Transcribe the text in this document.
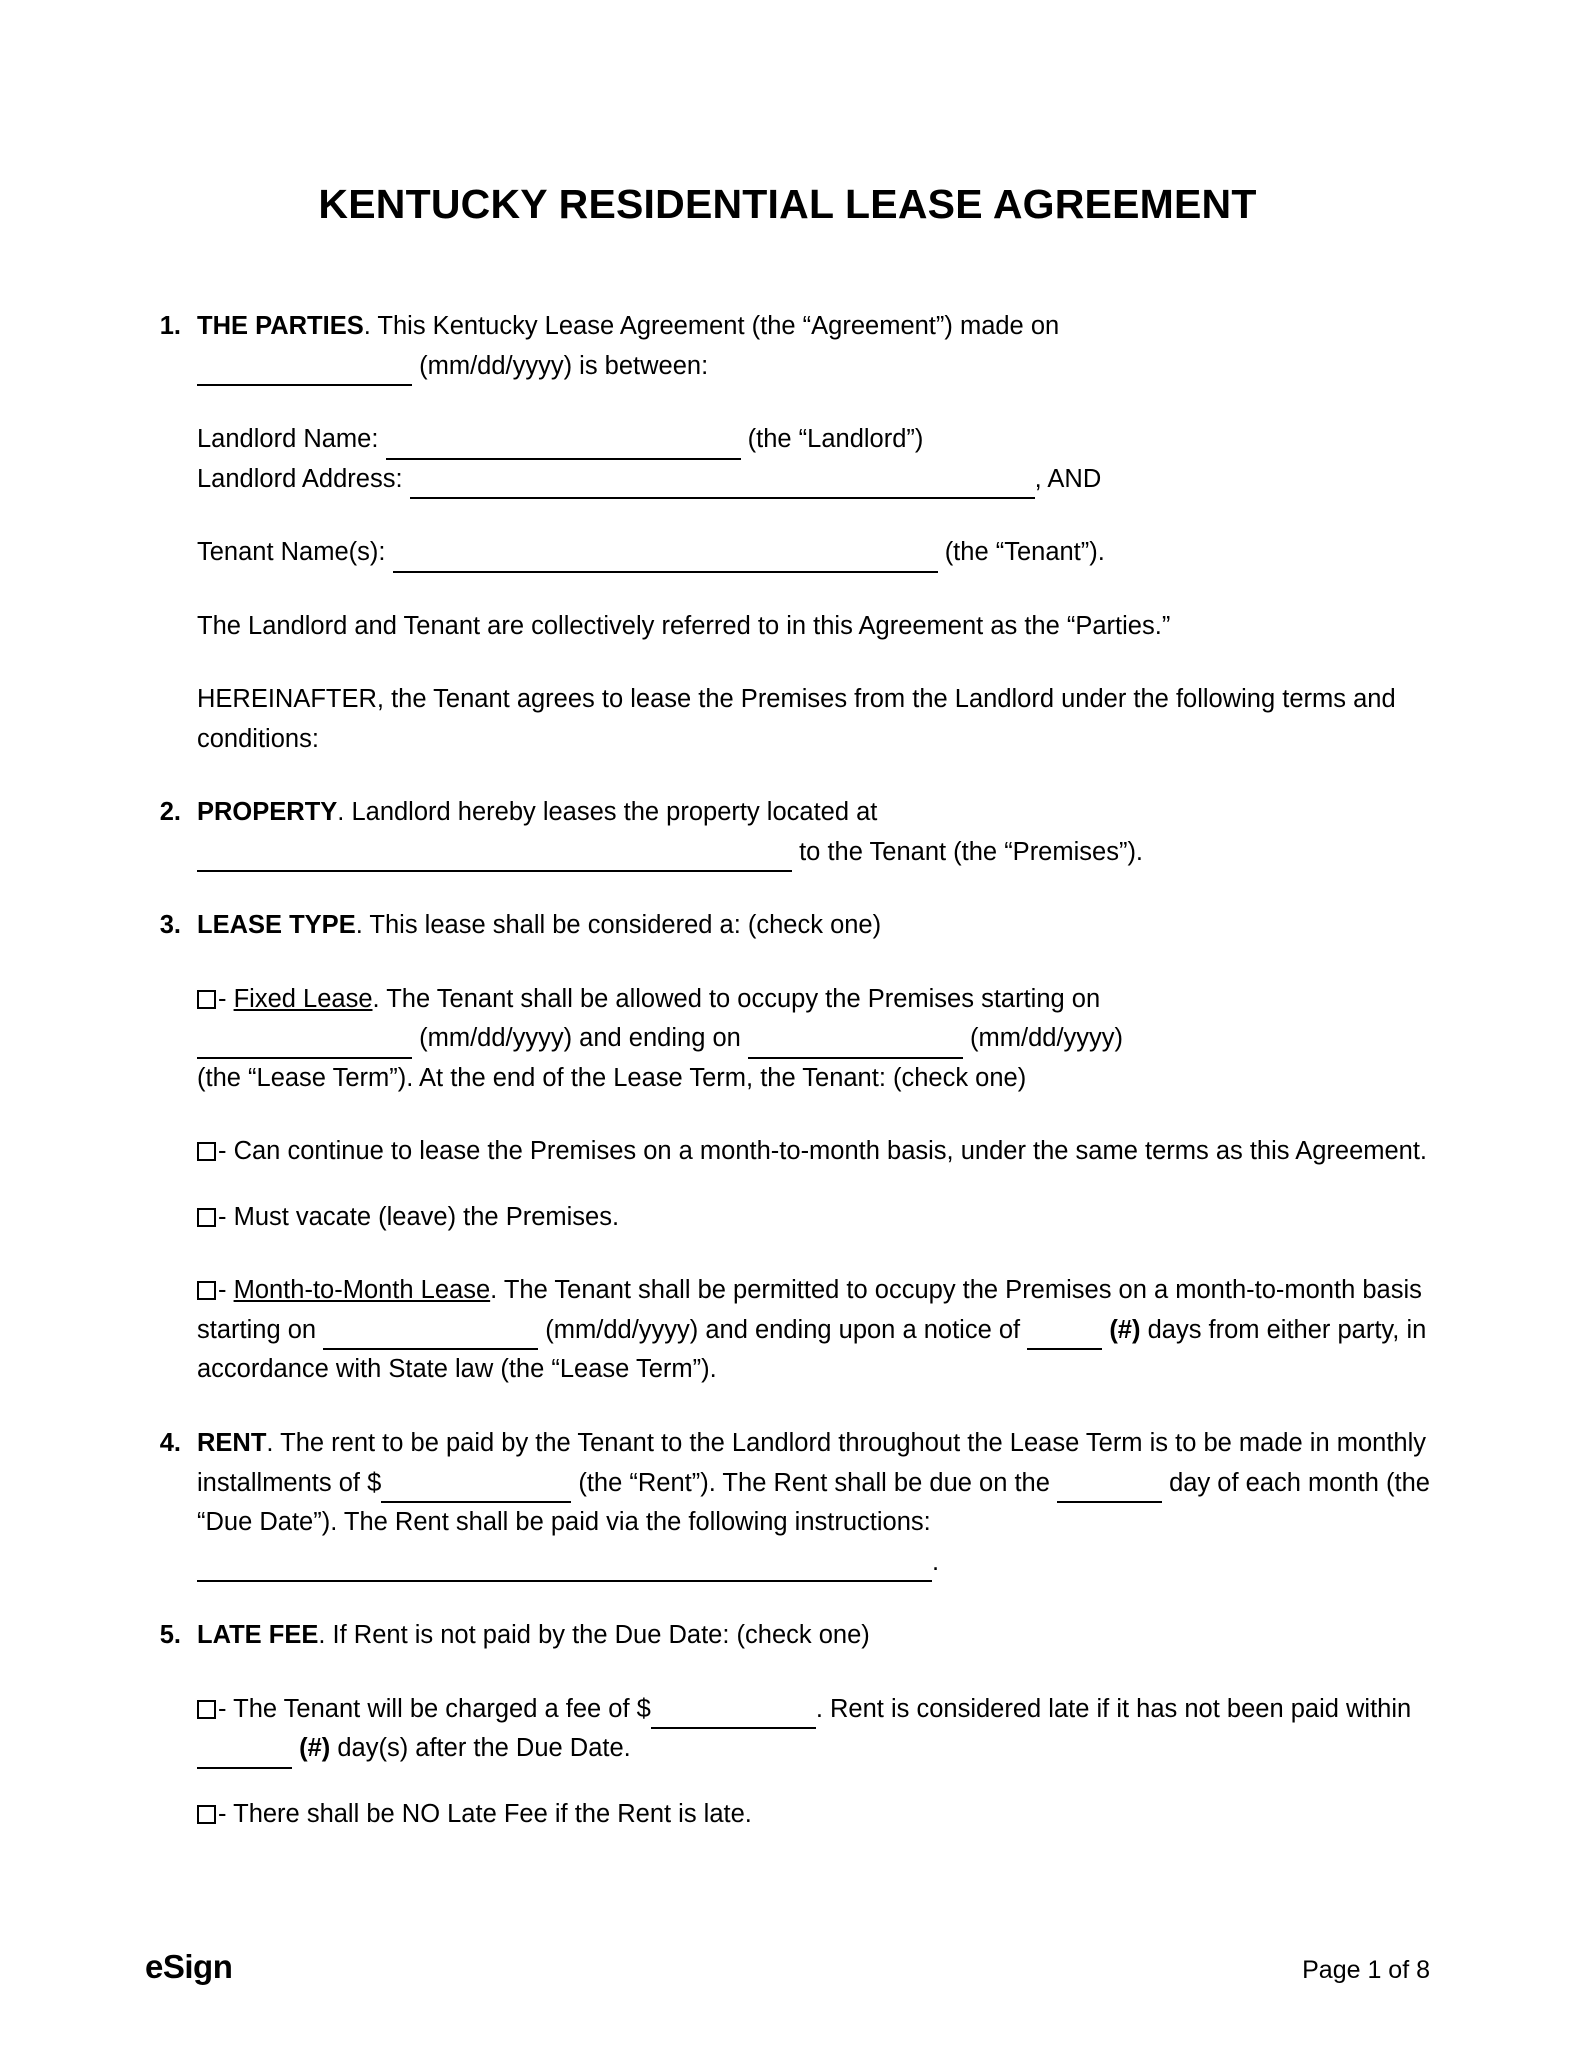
KENTUCKY RESIDENTIAL LEASE AGREEMENT
1. THE PARTIES. This Kentucky Lease Agreement (the “Agreement”) made on
(mm/dd/yyyy) is between:

Landlord Name:	(the “Landlord”)

Landlord Address:	, AND

Tenant Name(s):	(the “Tenant”).

The Landlord and Tenant are collectively referred to in this Agreement as the “Parties.”

HEREINAFTER, the Tenant agrees to lease the Premises from the Landlord under the following terms and conditions:

2. PROPERTY. Landlord hereby leases the property located at
to the Tenant (the “Premises”).

3. LEASE TYPE. This lease shall be considered a: (check one)

- Fixed Lease. The Tenant shall be allowed to occupy the Premises starting on
(mm/dd/yyyy) and ending on	(mm/dd/yyyy)
(the “Lease Term”). At the end of the Lease Term, the Tenant: (check one)

- Can continue to lease the Premises on a month-to-month basis, under the same terms as this Agreement.

- Must vacate (leave) the Premises.

- Month-to-Month Lease. The Tenant shall be permitted to occupy the Premises on a month-to-month basis starting on	(mm/dd/yyyy) and ending upon a notice of	(#) days from either party, in accordance with State law (the “Lease Term”).

4. RENT. The rent to be paid by the Tenant to the Landlord throughout the Lease Term is to be made in monthly installments of $	(the “Rent”). The Rent shall be due on the	day of each month (the “Due Date”). The Rent shall be paid via the following instructions: .

5. LATE FEE. If Rent is not paid by the Due Date: (check one)

- The Tenant will be charged a fee of $	. Rent is considered late if it has not been paid within  (#) day(s) after the Due Date.

- There shall be NO Late Fee if the Rent is late.

eSign	Page 1 of 8
